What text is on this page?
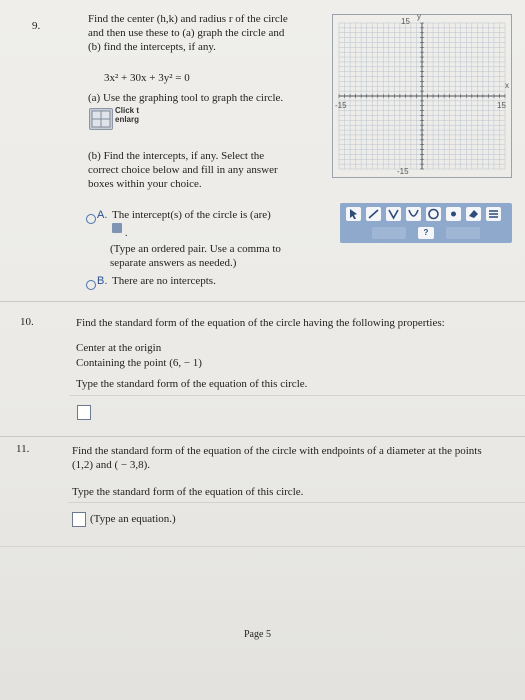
9.
Find the center (h,k) and radius r of the circle
and then use these to (a) graph the circle and
(b) find the intercepts, if any.
3x² + 30x + 3y² = 0
(a) Use the graphing tool to graph the circle.
Click t
enlarg
(b) Find the intercepts, if any. Select the
correct choice below and fill in any answer
boxes within your choice.
A. The intercept(s) of the circle is (are)
.
(Type an ordered pair. Use a comma to
separate answers as needed.)
B. There are no intercepts.
y
x
15
-15
-15	15
?
10.	Find the standard form of the equation of the circle having the following properties:
Center at the origin
Containing the point (6, − 1)
Type the standard form of the equation of this circle.
11.	Find the standard form of the equation of the circle with endpoints of a diameter at the points
(1,2) and ( − 3,8).
Type the standard form of the equation of this circle.
(Type an equation.)
Page 5
